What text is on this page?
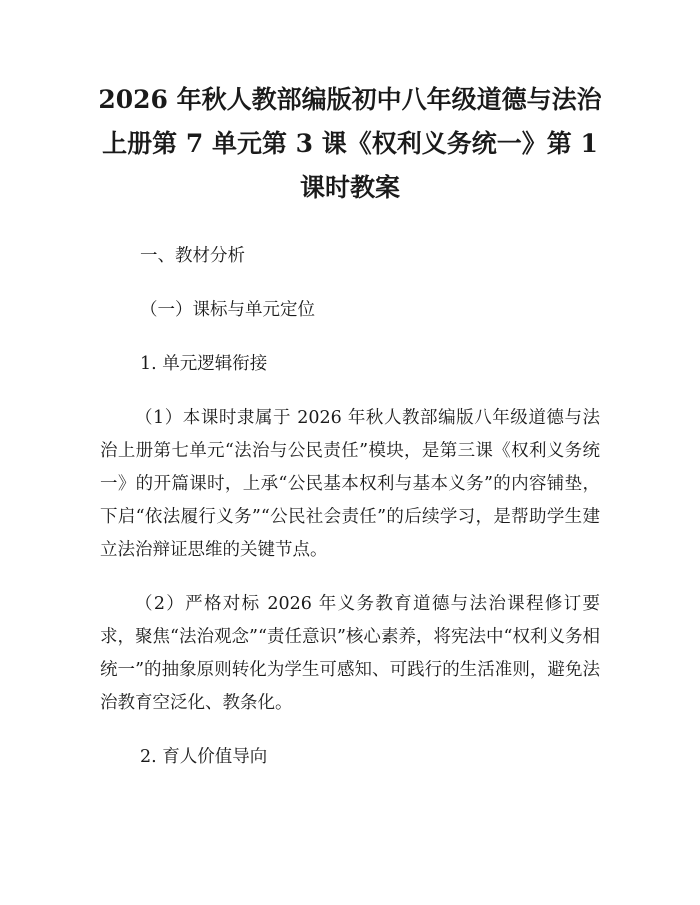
2026 年秋人教部编版初中八年级道德与法治
上册第 7 单元第 3 课《权利义务统一》第 1
课时教案

一、教材分析

（一）课标与单元定位

1. 单元逻辑衔接

（1）本课时隶属于 2026 年秋人教部编版八年级道德与法治上册第七单元“法治与公民责任”模块，是第三课《权利义务统一》的开篇课时，上承“公民基本权利与基本义务”的内容铺垫，下启“依法履行义务”“公民社会责任”的后续学习，是帮助学生建立法治辩证思维的关键节点。

（2）严格对标 2026 年义务教育道德与法治课程修订要求，聚焦“法治观念”“责任意识”核心素养，将宪法中“权利义务相统一”的抽象原则转化为学生可感知、可践行的生活准则，避免法治教育空泛化、教条化。

2. 育人价值导向
